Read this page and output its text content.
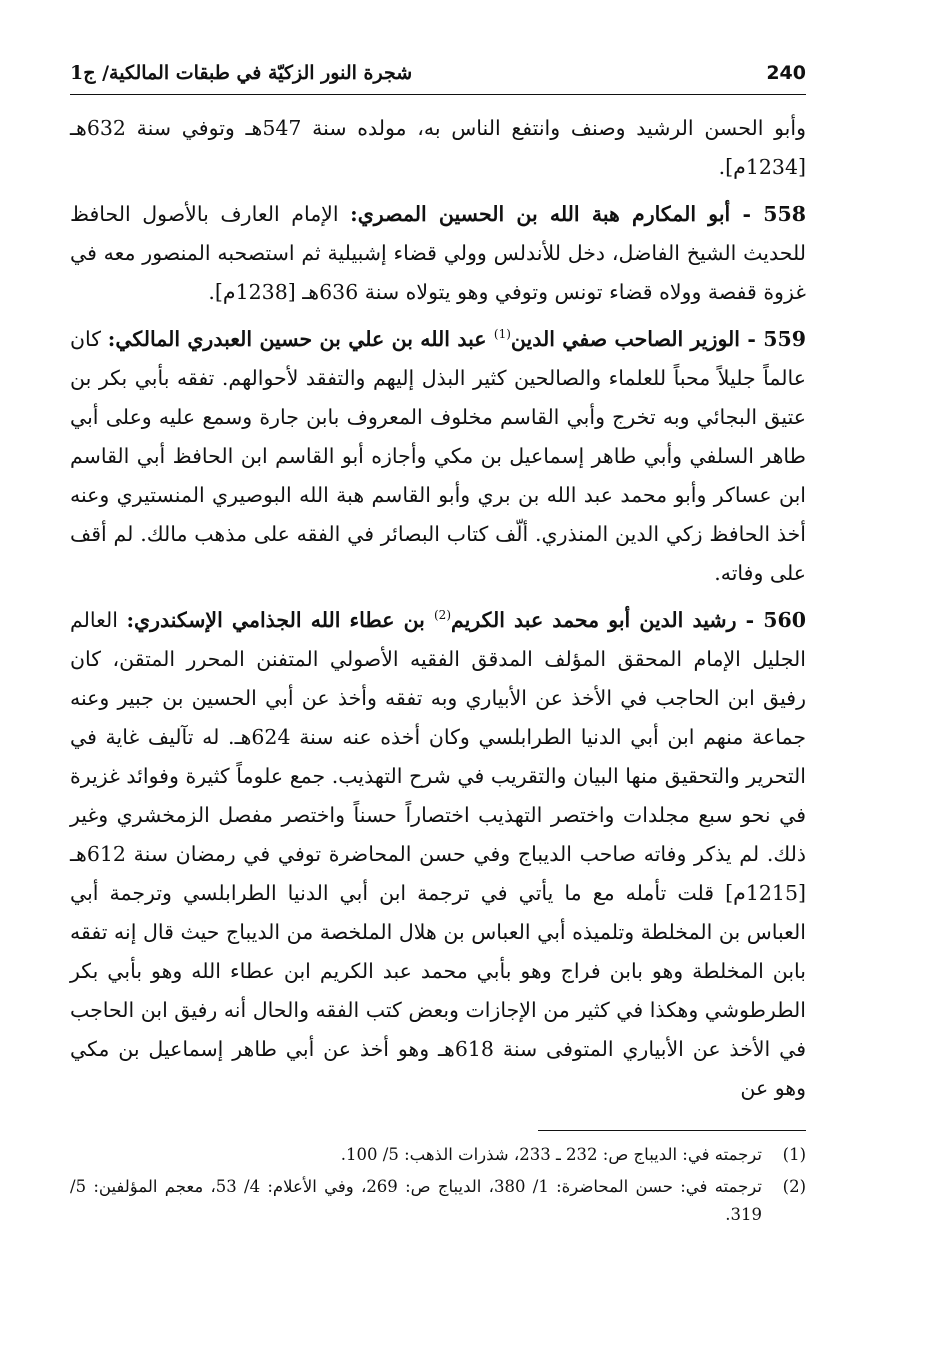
240
شجرة النور الزكيّة في طبقات المالكية/ ج1

وأبو الحسن الرشيد وصنف وانتفع الناس به، مولده سنة 547هـ وتوفي سنة 632هـ [1234م].

558 - أبو المكارم هبة الله بن الحسين المصري: الإمام العارف بالأصول الحافظ للحديث الشيخ الفاضل، دخل للأندلس وولي قضاء إشبيلية ثم استصحبه المنصور معه في غزوة قفصة وولاه قضاء تونس وتوفي وهو يتولاه سنة 636هـ [1238م].

559 - الوزير الصاحب صفي الدين$^{(1)}$ عبد الله بن علي بن حسين العبدري المالكي: كان عالماً جليلاً محباً للعلماء والصالحين كثير البذل إليهم والتفقد لأحوالهم. تفقه بأبي بكر بن عتيق البجائي وبه تخرج وأبي القاسم مخلوف المعروف بابن جارة وسمع عليه وعلى أبي طاهر السلفي وأبي طاهر إسماعيل بن مكي وأجازه أبو القاسم ابن الحافظ أبي القاسم ابن عساكر وأبو محمد عبد الله بن بري وأبو القاسم هبة الله البوصيري المنستيري وعنه أخذ الحافظ زكي الدين المنذري. ألّف كتاب البصائر في الفقه على مذهب مالك. لم أقف على وفاته.

560 - رشيد الدين أبو محمد عبد الكريم$^{(2)}$ بن عطاء الله الجذامي الإسكندري: العالم الجليل الإمام المحقق المؤلف المدقق الفقيه الأصولي المتفنن المحرر المتقن، كان رفيق ابن الحاجب في الأخذ عن الأبياري وبه تفقه وأخذ عن أبي الحسين بن جبير وعنه جماعة منهم ابن أبي الدنيا الطرابلسي وكان أخذه عنه سنة 624هـ. له تآليف غاية في التحرير والتحقيق منها البيان والتقريب في شرح التهذيب. جمع علوماً كثيرة وفوائد غزيرة في نحو سبع مجلدات واختصر التهذيب اختصاراً حسناً واختصر مفصل الزمخشري وغير ذلك. لم يذكر وفاته صاحب الديباج وفي حسن المحاضرة توفي في رمضان سنة 612هـ [1215م] قلت تأمله مع ما يأتي في ترجمة ابن أبي الدنيا الطرابلسي وترجمة أبي العباس بن المخلطة وتلميذه أبي العباس بن هلال الملخصة من الديباج حيث قال إنه تفقه بابن المخلطة وهو بابن فراج وهو بأبي محمد عبد الكريم ابن عطاء الله وهو بأبي بكر الطرطوشي وهكذا في كثير من الإجازات وبعض كتب الفقه والحال أنه رفيق ابن الحاجب في الأخذ عن الأبياري المتوفى سنة 618هـ وهو أخذ عن أبي طاهر إسماعيل بن مكي وهو عن

(1)
ترجمته في: الديباج ص: 232 ـ 233، شذرات الذهب: 5/ 100.
(2)
ترجمته في: حسن المحاضرة: 1/ 380، الديباج ص: 269، وفي الأعلام: 4/ 53، معجم المؤلفين: 5/ 319.
